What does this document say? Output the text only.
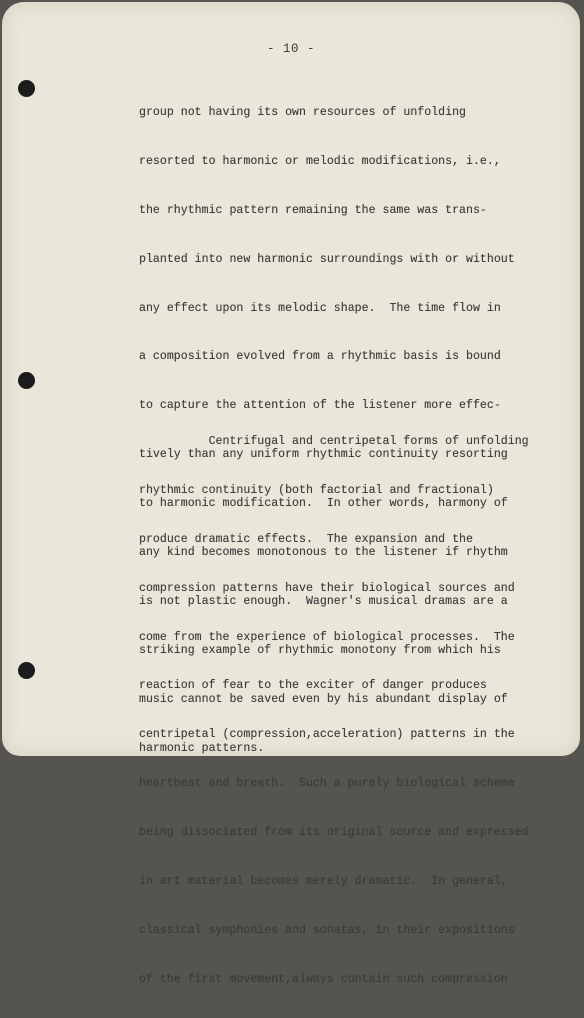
- 10 -

group not having its own resources of unfolding

resorted to harmonic or melodic modifications, i.e.,

the rhythmic pattern remaining the same was trans-

planted into new harmonic surroundings with or without

any effect upon its melodic shape.  The time flow in

a composition evolved from a rhythmic basis is bound

to capture the attention of the listener more effec-

tively than any uniform rhythmic continuity resorting

to harmonic modification.  In other words, harmony of

any kind becomes monotonous to the listener if rhythm

is not plastic enough.  Wagner's musical dramas are a

striking example of rhythmic monotony from which his

music cannot be saved even by his abundant display of

harmonic patterns.

Centrifugal and centripetal forms of unfolding

rhythmic continuity (both factorial and fractional)

produce dramatic effects.  The expansion and the

compression patterns have their biological sources and

come from the experience of biological processes.  The

reaction of fear to the exciter of danger produces

centripetal (compression,acceleration) patterns in the

heartbeat and breath.  Such a purely biological scheme

being dissociated from its original source and expressed

in art material becomes merely dramatic.  In general,

classical symphonies and sonatas, in their expositions

of the first movement,always contain such compression
